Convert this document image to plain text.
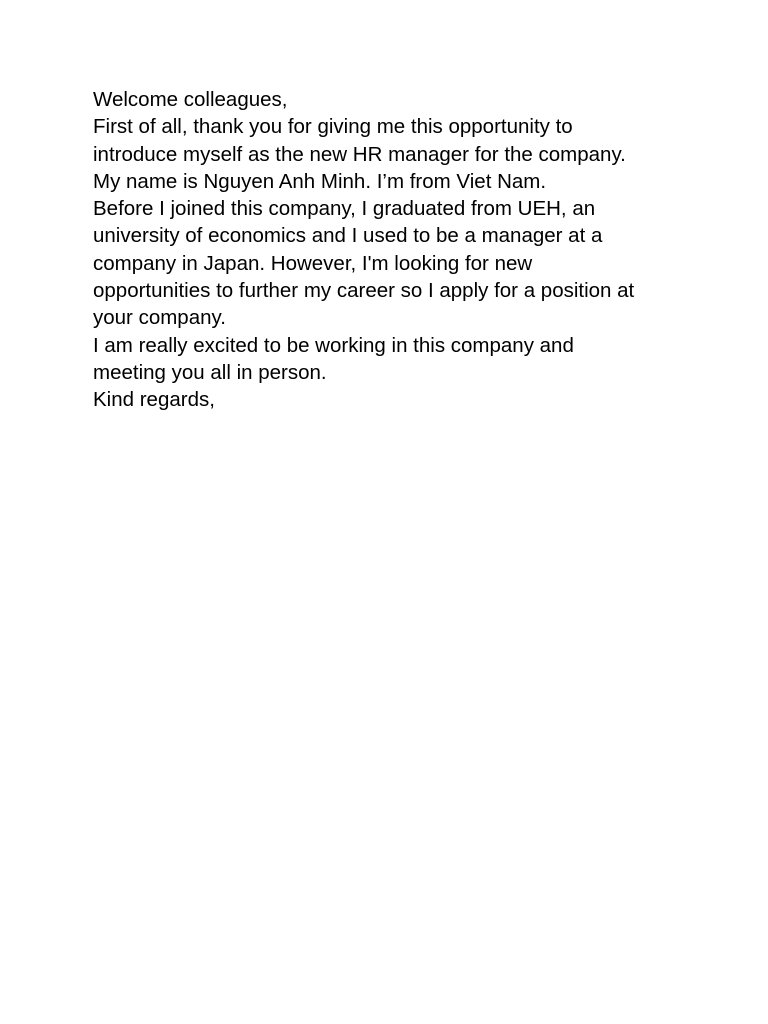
Welcome colleagues,
First of all, thank you for giving me this opportunity to
introduce myself as the new HR manager for the company.
My name is Nguyen Anh Minh. I’m from Viet Nam.
Before I joined this company, I graduated from UEH, an
university of economics and I used to be a manager at a
company in Japan. However, I'm looking for new
opportunities to further my career so I apply for a position at
your company.
I am really excited to be working in this company and
meeting you all in person.
Kind regards,
